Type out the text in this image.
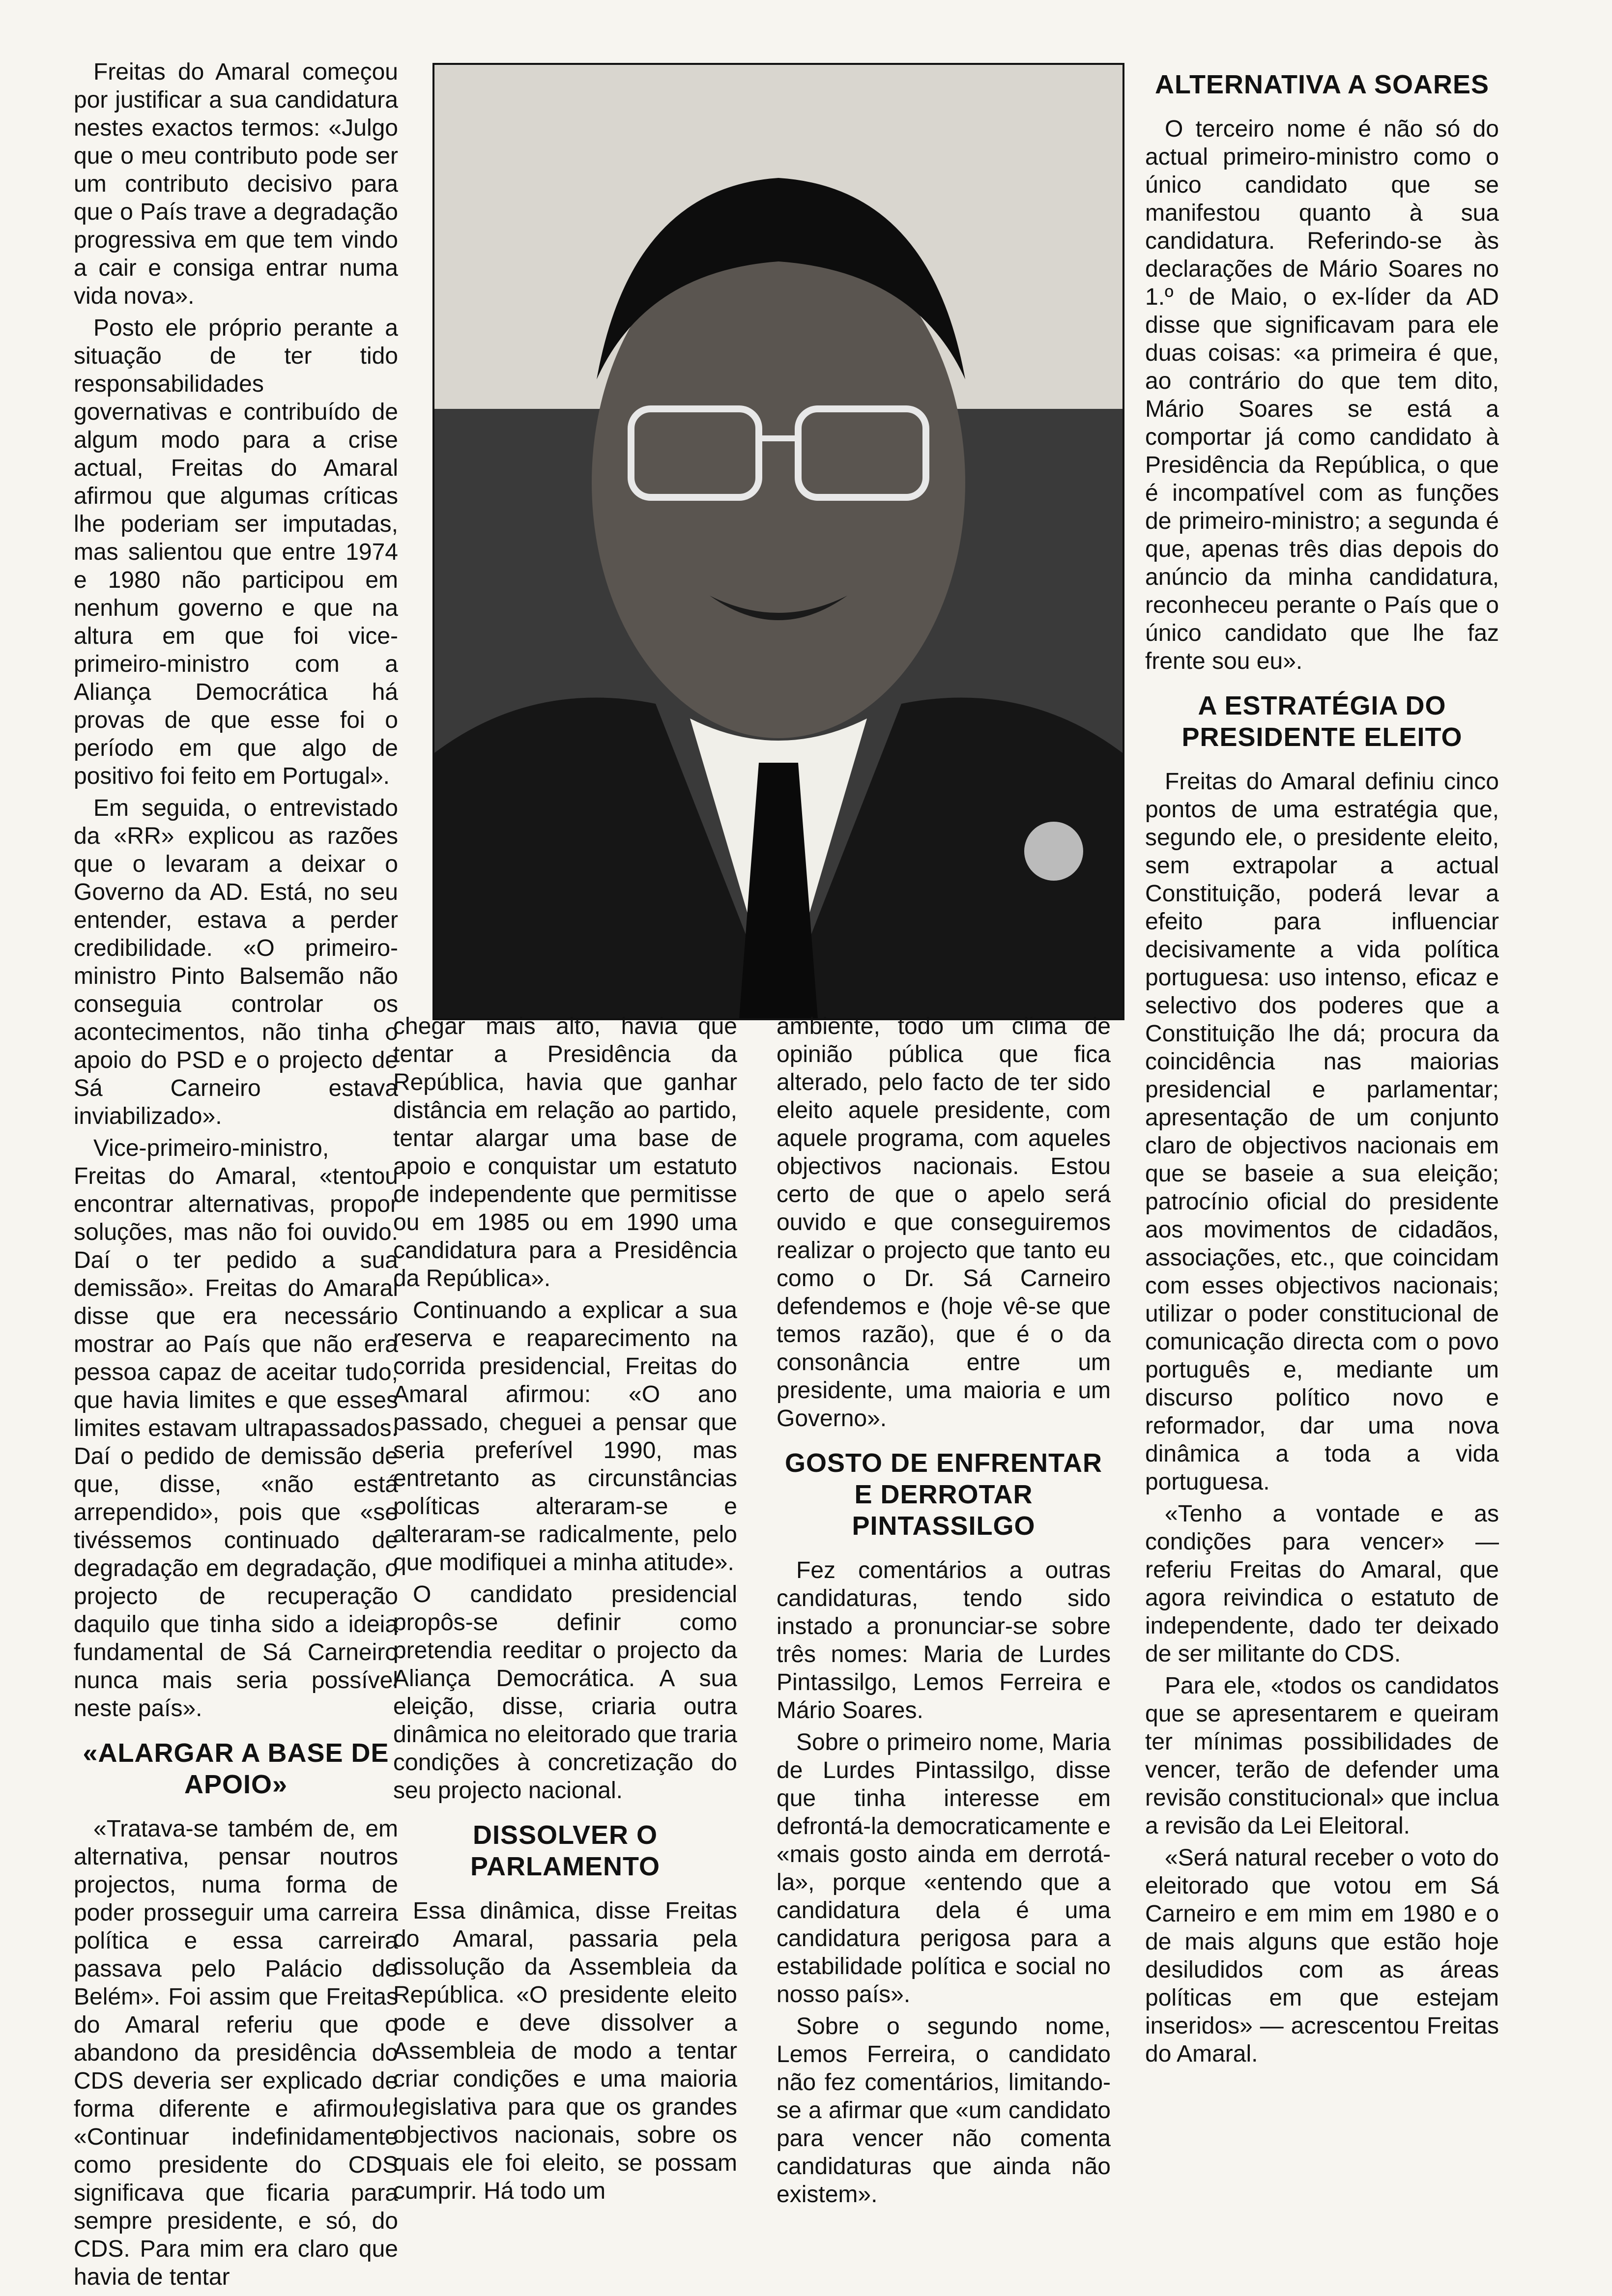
Freitas do Amaral começou por justificar a sua candidatura nestes exactos termos: «Julgo que o meu contributo pode ser um contributo decisivo para que o País trave a degradação progressiva em que tem vindo a cair e consiga entrar numa vida nova».

Posto ele próprio perante a situação de ter tido responsabilidades governativas e contribuído de algum modo para a crise actual, Freitas do Amaral afirmou que algumas críticas lhe poderiam ser imputadas, mas salientou que entre 1974 e 1980 não participou em nenhum governo e que na altura em que foi vice-primeiro-ministro com a Aliança Democrática há provas de que esse foi o período em que algo de positivo foi feito em Portugal».

Em seguida, o entrevistado da «RR» explicou as razões que o levaram a deixar o Governo da AD. Está, no seu entender, estava a perder credibilidade. «O primeiro-ministro Pinto Balsemão não conseguia controlar os acontecimentos, não tinha o apoio do PSD e o projecto de Sá Carneiro estava inviabilizado».

Vice-primeiro-ministro, Freitas do Amaral, «tentou encontrar alternativas, propor soluções, mas não foi ouvido. Daí o ter pedido a sua demissão». Freitas do Amaral disse que era necessário mostrar ao País que não era pessoa capaz de aceitar tudo, que havia limites e que esses limites estavam ultrapassados. Daí o pedido de demissão de que, disse, «não está arrependido», pois que «se tivéssemos continuado de degradação em degradação, o projecto de recuperação daquilo que tinha sido a ideia fundamental de Sá Carneiro nunca mais seria possível neste país».

«ALARGAR A BASE DE APOIO»

«Tratava-se também de, em alternativa, pensar noutros projectos, numa forma de poder prosseguir uma carreira política e essa carreira passava pelo Palácio de Belém». Foi assim que Freitas do Amaral referiu que o abandono da presidência do CDS deveria ser explicado de forma diferente e afirmou: «Continuar indefinidamente como presidente do CDS significava que ficaria para sempre presidente, e só, do CDS. Para mim era claro que havia de tentar

chegar mais alto, havia que tentar a Presidência da República, havia que ganhar distância em relação ao partido, tentar alargar uma base de apoio e conquistar um estatuto de independente que permitisse ou em 1985 ou em 1990 uma candidatura para a Presidência da República».

Continuando a explicar a sua reserva e reaparecimento na corrida presidencial, Freitas do Amaral afirmou: «O ano passado, cheguei a pensar que seria preferível 1990, mas entretanto as circunstâncias políticas alteraram-se e alteraram-se radicalmente, pelo que modifiquei a minha atitude».

O candidato presidencial propôs-se definir como pretendia reeditar o projecto da Aliança Democrática. A sua eleição, disse, criaria outra dinâmica no eleitorado que traria condições à concretização do seu projecto nacional.

DISSOLVER O PARLAMENTO

Essa dinâmica, disse Freitas do Amaral, passaria pela dissolução da Assembleia da República. «O presidente eleito pode e deve dissolver a Assembleia de modo a tentar criar condições e uma maioria legislativa para que os grandes objectivos nacionais, sobre os quais ele foi eleito, se possam cumprir. Há todo um

ambiente, todo um clima de opinião pública que fica alterado, pelo facto de ter sido eleito aquele presidente, com aquele programa, com aqueles objectivos nacionais. Estou certo de que o apelo será ouvido e que conseguiremos realizar o projecto que tanto eu como o Dr. Sá Carneiro defendemos e (hoje vê-se que temos razão), que é o da consonância entre um presidente, uma maioria e um Governo».

GOSTO DE ENFRENTAR E DERROTAR PINTASSILGO

Fez comentários a outras candidaturas, tendo sido instado a pronunciar-se sobre três nomes: Maria de Lurdes Pintassilgo, Lemos Ferreira e Mário Soares.

Sobre o primeiro nome, Maria de Lurdes Pintassilgo, disse que tinha interesse em defrontá-la democraticamente e «mais gosto ainda em derrotá-la», porque «entendo que a candidatura dela é uma candidatura perigosa para a estabilidade política e social no nosso país».

Sobre o segundo nome, Lemos Ferreira, o candidato não fez comentários, limitando-se a afirmar que «um candidato para vencer não comenta candidaturas que ainda não existem».

ALTERNATIVA A SOARES

O terceiro nome é não só do actual primeiro-ministro como o único candidato que se manifestou quanto à sua candidatura. Referindo-se às declarações de Mário Soares no 1.º de Maio, o ex-líder da AD disse que significavam para ele duas coisas: «a primeira é que, ao contrário do que tem dito, Mário Soares se está a comportar já como candidato à Presidência da República, o que é incompatível com as funções de primeiro-ministro; a segunda é que, apenas três dias depois do anúncio da minha candidatura, reconheceu perante o País que o único candidato que lhe faz frente sou eu».

A ESTRATÉGIA DO PRESIDENTE ELEITO

Freitas do Amaral definiu cinco pontos de uma estratégia que, segundo ele, o presidente eleito, sem extrapolar a actual Constituição, poderá levar a efeito para influenciar decisivamente a vida política portuguesa: uso intenso, eficaz e selectivo dos poderes que a Constituição lhe dá; procura da coincidência nas maiorias presidencial e parlamentar; apresentação de um conjunto claro de objectivos nacionais em que se baseie a sua eleição; patrocínio oficial do presidente aos movimentos de cidadãos, associações, etc., que coincidam com esses objectivos nacionais; utilizar o poder constitucional de comunicação directa com o povo português e, mediante um discurso político novo e reformador, dar uma nova dinâmica a toda a vida portuguesa.

«Tenho a vontade e as condições para vencer» — referiu Freitas do Amaral, que agora reivindica o estatuto de independente, dado ter deixado de ser militante do CDS.

Para ele, «todos os candidatos que se apresentarem e queiram ter mínimas possibilidades de vencer, terão de defender uma revisão constitucional» que inclua a revisão da Lei Eleitoral.

«Será natural receber o voto do eleitorado que votou em Sá Carneiro e em mim em 1980 e o de mais alguns que estão hoje desiludidos com as áreas políticas em que estejam inseridos» — acrescentou Freitas do Amaral.
